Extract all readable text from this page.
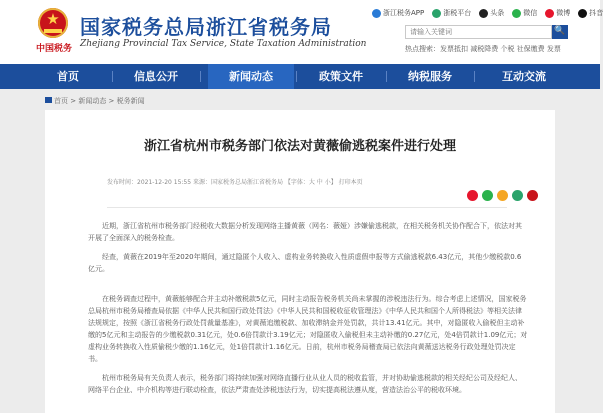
★
中国税务
国家税务总局浙江省税务局
Zhejiang Provincial Tax Service, State Taxation Administration
浙江税务APP	浙税平台	头条	微信	微博	抖音
请输入关键词	🔍
热点搜索：发票抵扣 减税降费 个税 社保缴费 发票
首页	信息公开	新闻动态	政策文件	纳税服务	互动交流
首页 > 新闻动态 > 税务新闻
浙江省杭州市税务部门依法对黄薇偷逃税案件进行处理
发布时间：2021-12-20 15:55 来源：国家税务总局浙江省税务局 【字体：大 中 小】 打印本页
近期，浙江省杭州市税务部门经税收大数据分析发现网络主播黄薇（网名：薇娅）涉嫌偷逃税款，在相关税务机关协作配合下，依法对其开展了全面深入的税务检查。
经查，黄薇在2019年至2020年期间，通过隐匿个人收入、虚构业务转换收入性质虚假申报等方式偷逃税款6.43亿元，其他少缴税款0.6亿元。
在税务调查过程中，黄薇能够配合并主动补缴税款5亿元，同时主动报告税务机关尚未掌握的涉税违法行为。综合考虑上述情况，国家税务总局杭州市税务局稽查局依据《中华人民共和国行政处罚法》《中华人民共和国税收征收管理法》《中华人民共和国个人所得税法》等相关法律法规规定，按照《浙江省税务行政处罚裁量基准》，对黄薇追缴税款、加收滞纳金并处罚款，共计13.41亿元。其中，对隐匿收入偷税但主动补缴的5亿元和主动报告的少缴税款0.31亿元，处0.6倍罚款计3.19亿元；对隐匿收入偷税但未主动补缴的0.27亿元，处4倍罚款计1.09亿元；对虚构业务转换收入性质偷税少缴的1.16亿元，处1倍罚款计1.16亿元。日前，杭州市税务局稽查局已依法向黄薇送达税务行政处理处罚决定书。
杭州市税务局有关负责人表示，税务部门将持续加强对网络直播行业从业人员的税收监管，并对协助偷逃税款的相关经纪公司及经纪人、网络平台企业、中介机构等进行联动检查，依法严肃查处涉税违法行为，切实提高税法遵从度，营造法治公平的税收环境。
